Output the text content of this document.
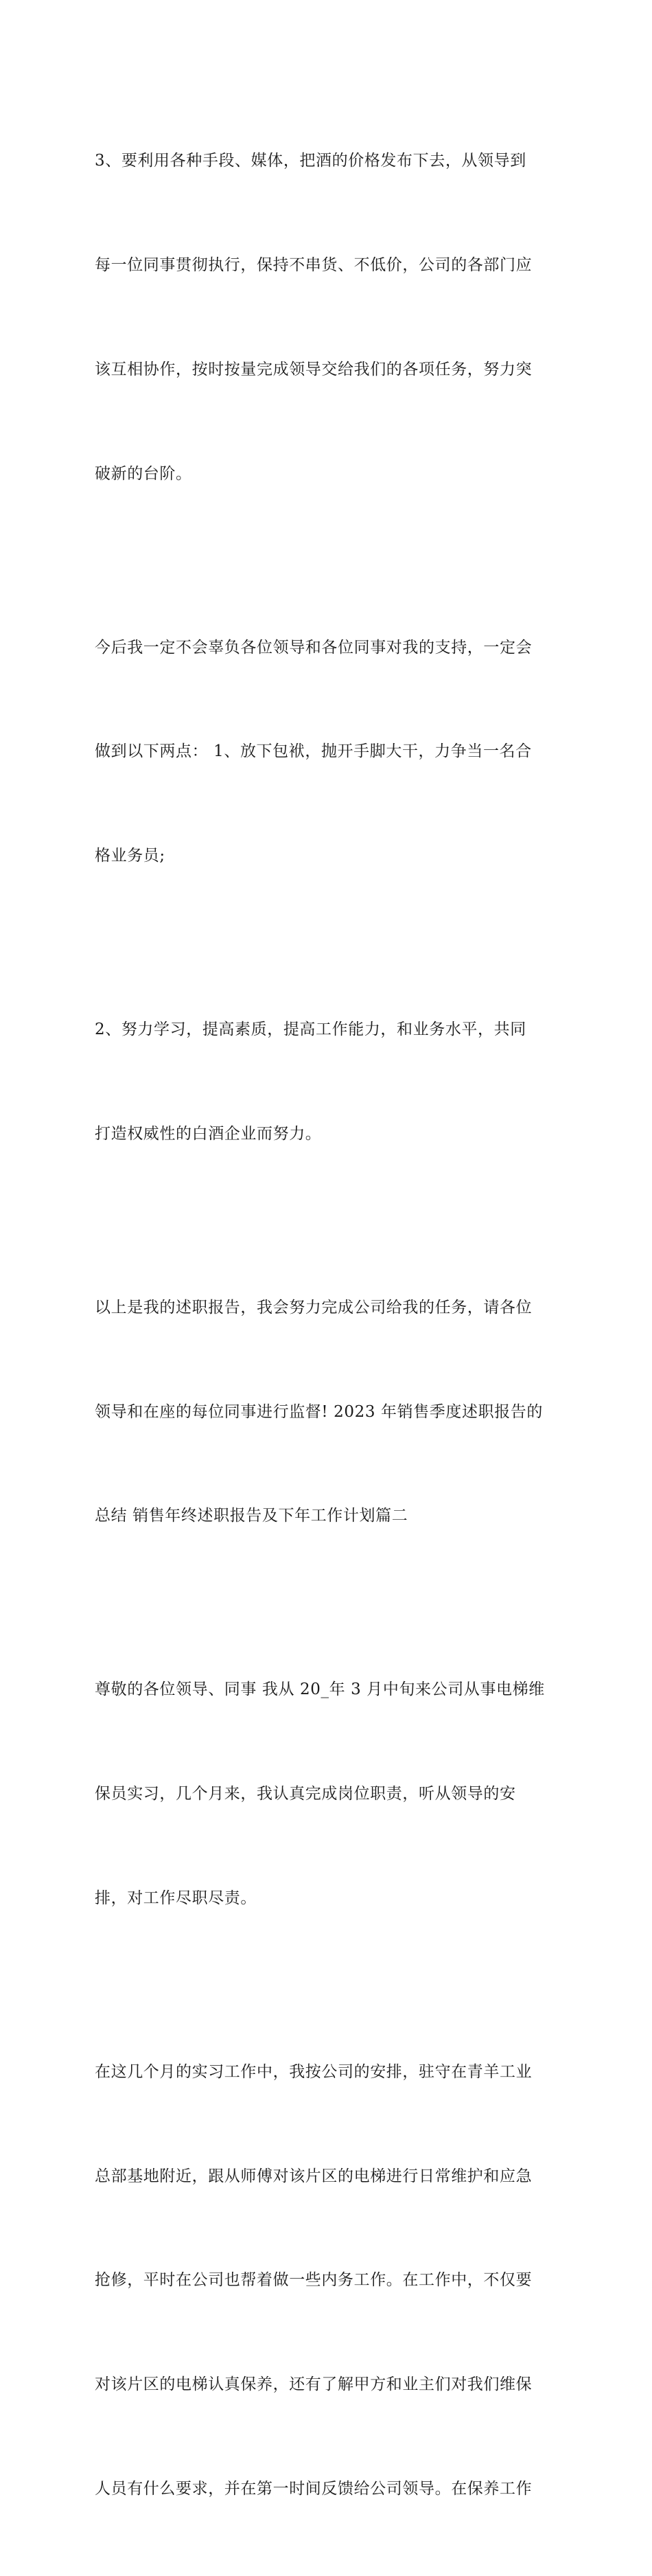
3、要利用各种手段、媒体，把酒的价格发布下去，从领导到

每一位同事贯彻执行，保持不串货、不低价，公司的各部门应

该互相协作，按时按量完成领导交给我们的各项任务，努力突

破新的台阶。

今后我一定不会辜负各位领导和各位同事对我的支持，一定会

做到以下两点： 1、放下包袱，抛开手脚大干，力争当一名合

格业务员;

2、努力学习，提高素质，提高工作能力，和业务水平，共同

打造权威性的白酒企业而努力。

以上是我的述职报告，我会努力完成公司给我的任务，请各位

领导和在座的每位同事进行监督! 2023 年销售季度述职报告的

总结 销售年终述职报告及下年工作计划篇二

尊敬的各位领导、同事 我从 20_年 3 月中旬来公司从事电梯维

保员实习，几个月来，我认真完成岗位职责，听从领导的安

排，对工作尽职尽责。

在这几个月的实习工作中，我按公司的安排，驻守在青羊工业

总部基地附近，跟从师傅对该片区的电梯进行日常维护和应急

抢修，平时在公司也帮着做一些内务工作。在工作中，不仅要

对该片区的电梯认真保养，还有了解甲方和业主们对我们维保

人员有什么要求，并在第一时间反馈给公司领导。在保养工作
